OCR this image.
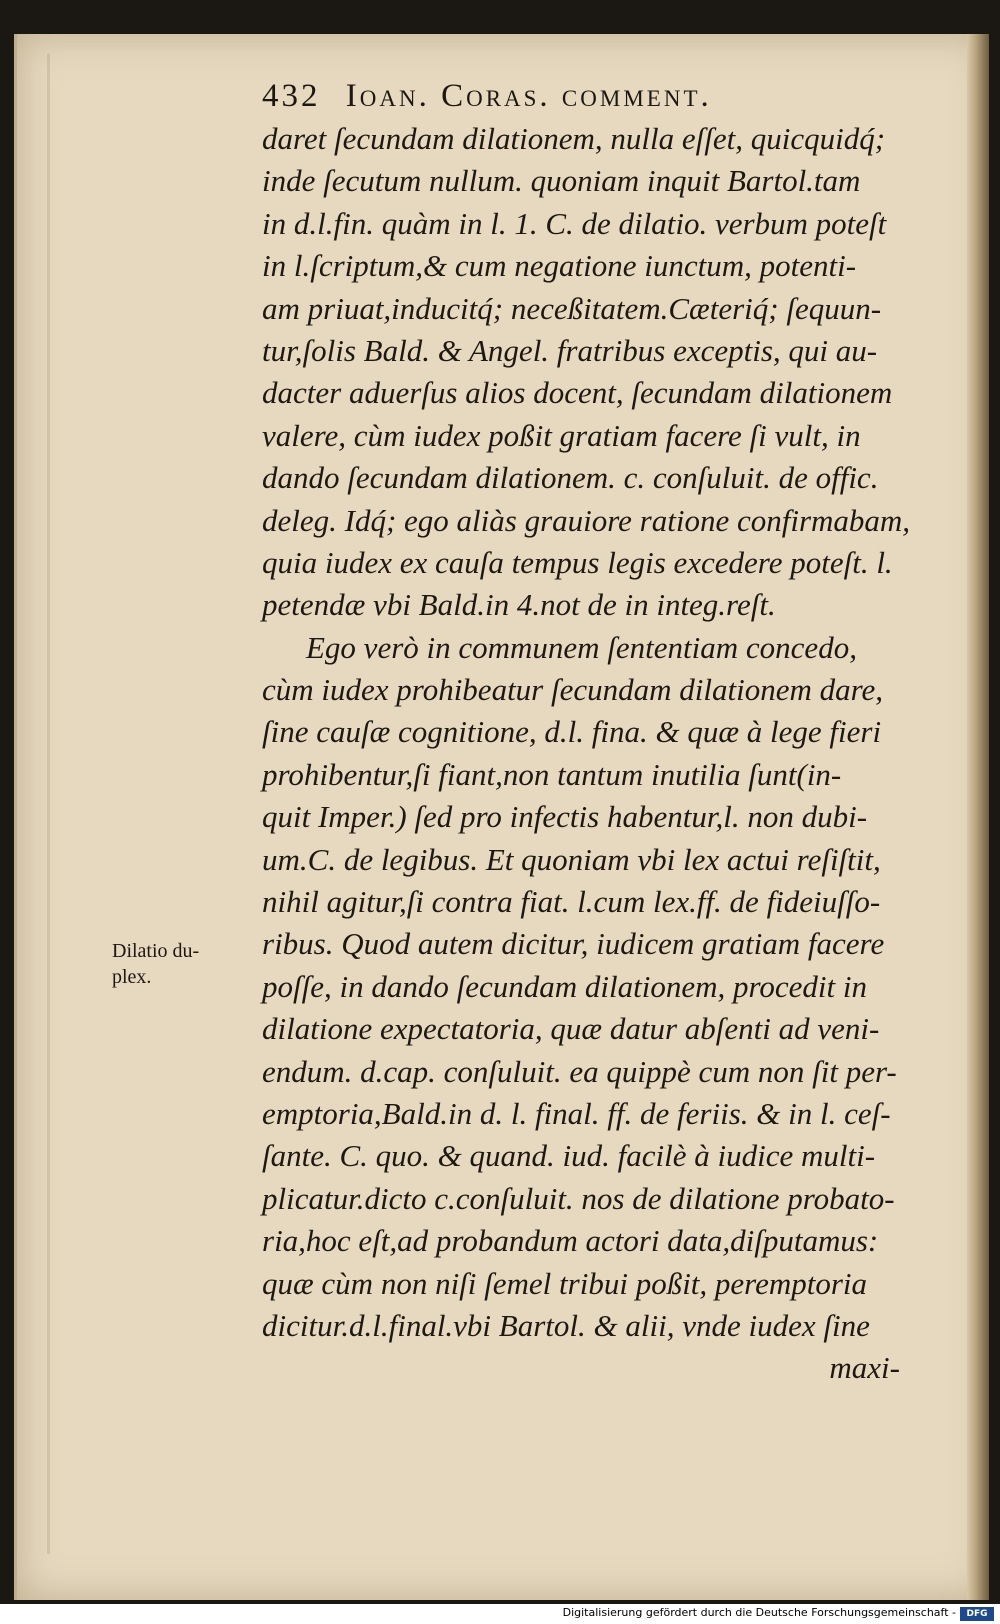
432 Ioan. Coras. comment.
Dilatio du-
plex.
daret ſecundam dilationem, nulla eſſet, quicquidq́;
inde ſecutum nullum. quoniam inquit Bartol.tam
in d.l.fin. quàm in l. 1. C. de dilatio. verbum poteſt
in l.ſcriptum,& cum negatione iunctum, potenti-
am priuat,inducitq́; neceßitatem.Cæteriq́; ſequun-
tur,ſolis Bald. & Angel. fratribus exceptis, qui au-
dacter aduerſus alios docent, ſecundam dilationem
valere, cùm iudex poßit gratiam facere ſi vult, in
dando ſecundam dilationem. c. conſuluit. de offic.
deleg. Idq́; ego aliàs grauiore ratione confirmabam,
quia iudex ex cauſa tempus legis excedere poteſt. l.
petendæ vbi Bald.in 4.not de in integ.reſt.
Ego verò in communem ſententiam concedo,
cùm iudex prohibeatur ſecundam dilationem dare,
ſine cauſæ cognitione, d.l. fina. & quæ à lege fieri
prohibentur,ſi fiant,non tantum inutilia ſunt(in-
quit Imper.) ſed pro infectis habentur,l. non dubi-
um.C. de legibus. Et quoniam vbi lex actui reſiſtit,
nihil agitur,ſi contra fiat. l.cum lex.ff. de fideiuſſo-
ribus. Quod autem dicitur, iudicem gratiam facere
poſſe, in dando ſecundam dilationem, procedit in
dilatione expectatoria, quæ datur abſenti ad veni-
endum. d.cap. conſuluit. ea quippè cum non ſit per-
emptoria,Bald.in d. l. final. ff. de feriis. & in l. ceſ-
ſante. C. quo. & quand. iud. facilè à iudice multi-
plicatur.dicto c.conſuluit. nos de dilatione probato-
ria,hoc eſt,ad probandum actori data,diſputamus:
quæ cùm non niſi ſemel tribui poßit, peremptoria
dicitur.d.l.final.vbi Bartol. & alii, vnde iudex ſine
maxi-
Digitalisierung gefördert durch die Deutsche Forschungsgemeinschaft -	DFG
